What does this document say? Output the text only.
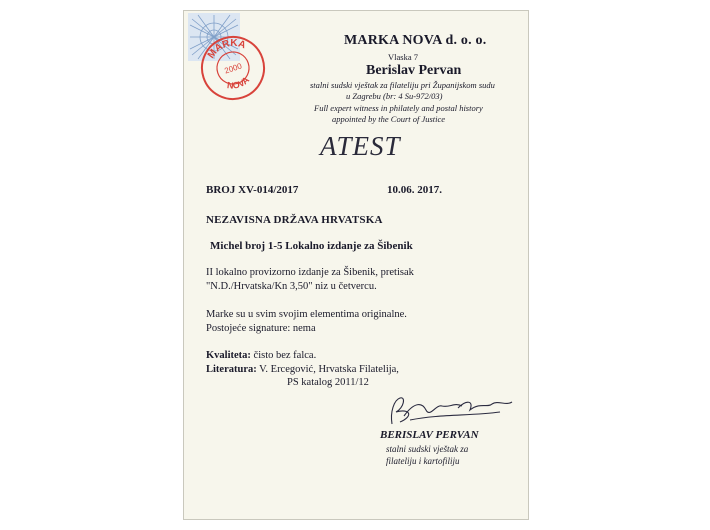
MARKA
NOVA
2000
MARKA NOVA d. o. o.
Vlaska 7
Berislav Pervan
stalni sudski vještak za filateliju pri Županijskom sudu
u Zagrebu (br: 4 Su-972/03)
Full expert witness in philately and postal history
appointed by the Court of Justice
ATEST
BROJ XV-014/2017	10.06. 2017.
NEZAVISNA DRŽAVA HRVATSKA
Michel broj 1-5 Lokalno izdanje za Šibenik
II lokalno provizorno izdanje za Šibenik, pretisak
"N.D./Hrvatska/Kn 3,50" niz u četvercu.
Marke su u svim svojim elementima originalne.
Postojeće signature: nema
Kvaliteta: čisto bez falca.
Literatura: V. Ercegović, Hrvatska Filatelija,
PS katalog 2011/12
BERISLAV PERVAN
stalni sudski vještak za
filateliju i kartofiliju
